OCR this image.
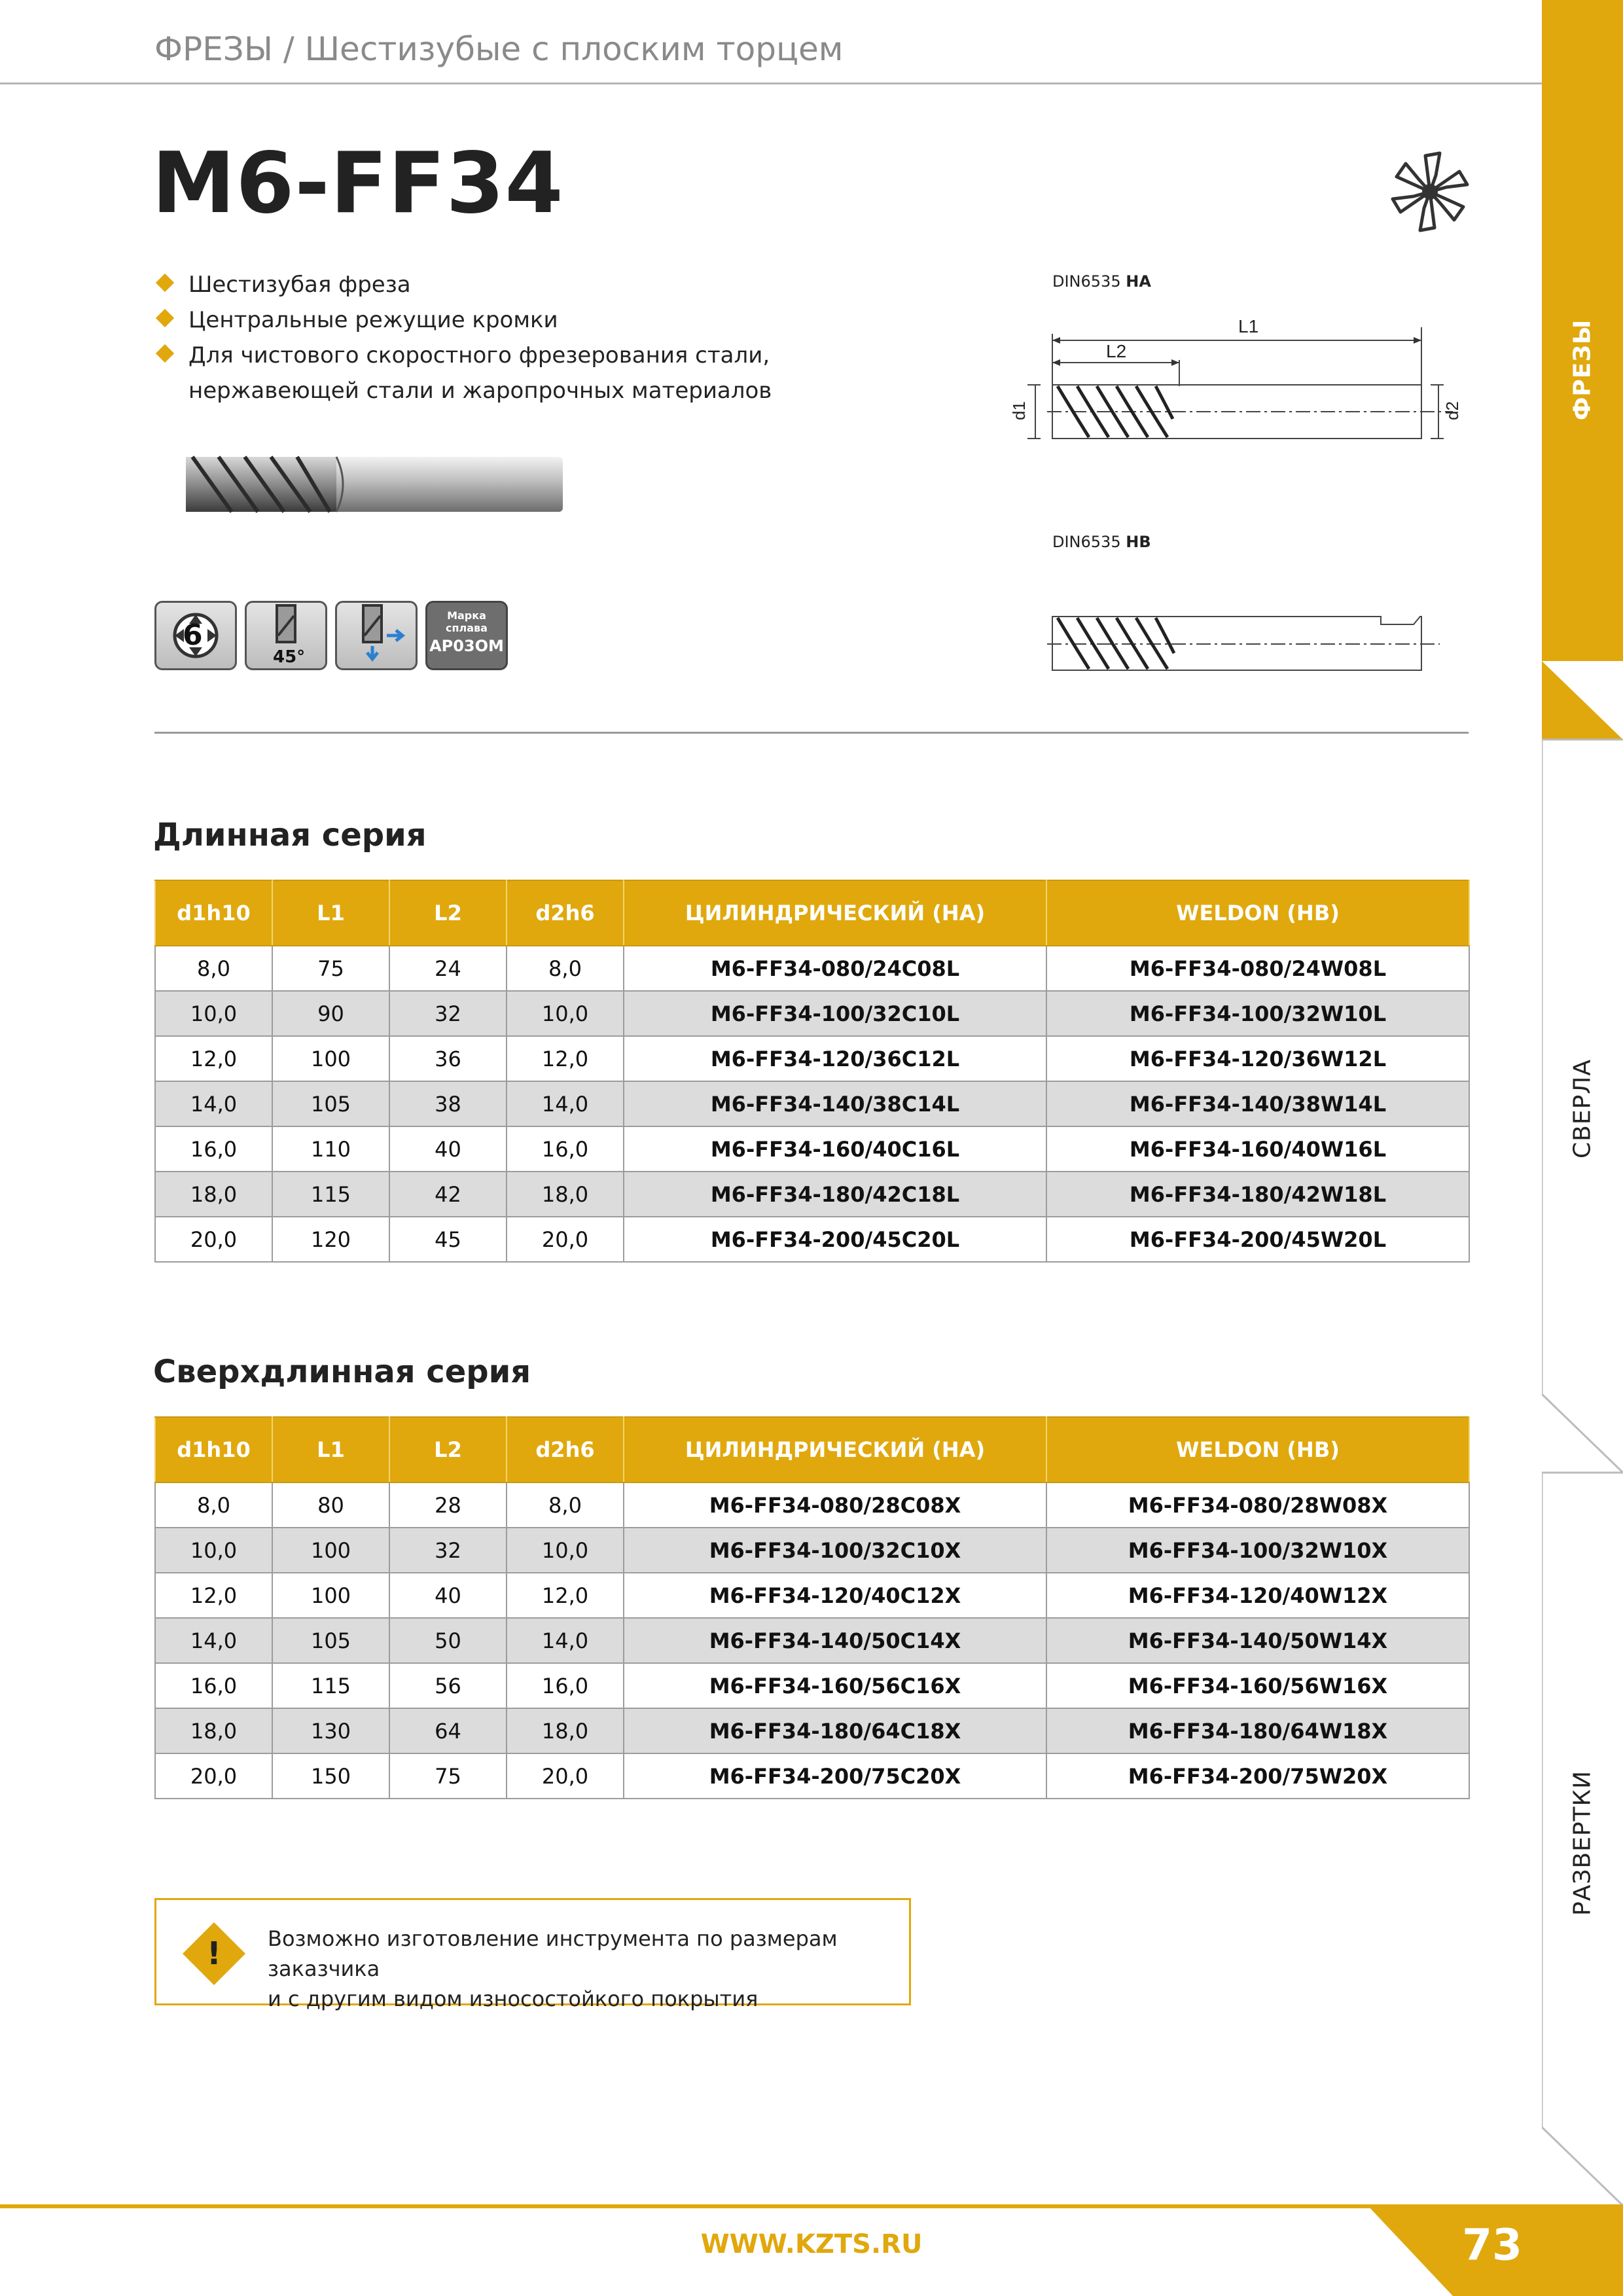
ФРЕЗЫ / Шестизубые с плоским торцем
ФРЕЗЫ
СВЕРЛА
РАЗВЕРТКИ
M6-FF34
Шестизубая фреза
Центральные режущие кромки
Для чистового скоростного фрезерования стали,
нержавеющей стали и жаропрочных материалов
6
45°
Марка
сплава
AP03OM
DIN6535 HA
L1
L2
d1	d2
DIN6535 HB
Длинная серия
d1h10	L1	L2	d2h6	ЦИЛИНДРИЧЕСКИЙ (HA)	WELDON (HB)
8,0	75	24	8,0	M6-FF34-080/24C08L	M6-FF34-080/24W08L
10,0	90	32	10,0	M6-FF34-100/32C10L	M6-FF34-100/32W10L
12,0	100	36	12,0	M6-FF34-120/36C12L	M6-FF34-120/36W12L
14,0	105	38	14,0	M6-FF34-140/38C14L	M6-FF34-140/38W14L
16,0	110	40	16,0	M6-FF34-160/40C16L	M6-FF34-160/40W16L
18,0	115	42	18,0	M6-FF34-180/42C18L	M6-FF34-180/42W18L
20,0	120	45	20,0	M6-FF34-200/45C20L	M6-FF34-200/45W20L
Сверхдлинная серия
d1h10	L1	L2	d2h6	ЦИЛИНДРИЧЕСКИЙ (HA)	WELDON (HB)
8,0	80	28	8,0	M6-FF34-080/28C08X	M6-FF34-080/28W08X
10,0	100	32	10,0	M6-FF34-100/32C10X	M6-FF34-100/32W10X
12,0	100	40	12,0	M6-FF34-120/40C12X	M6-FF34-120/40W12X
14,0	105	50	14,0	M6-FF34-140/50C14X	M6-FF34-140/50W14X
16,0	115	56	16,0	M6-FF34-160/56C16X	M6-FF34-160/56W16X
18,0	130	64	18,0	M6-FF34-180/64C18X	M6-FF34-180/64W18X
20,0	150	75	20,0	M6-FF34-200/75C20X	M6-FF34-200/75W20X
! Возможно изготовление инструмента по размерам заказчика
и с другим видом износостойкого покрытия
WWW.KZTS.RU	73
